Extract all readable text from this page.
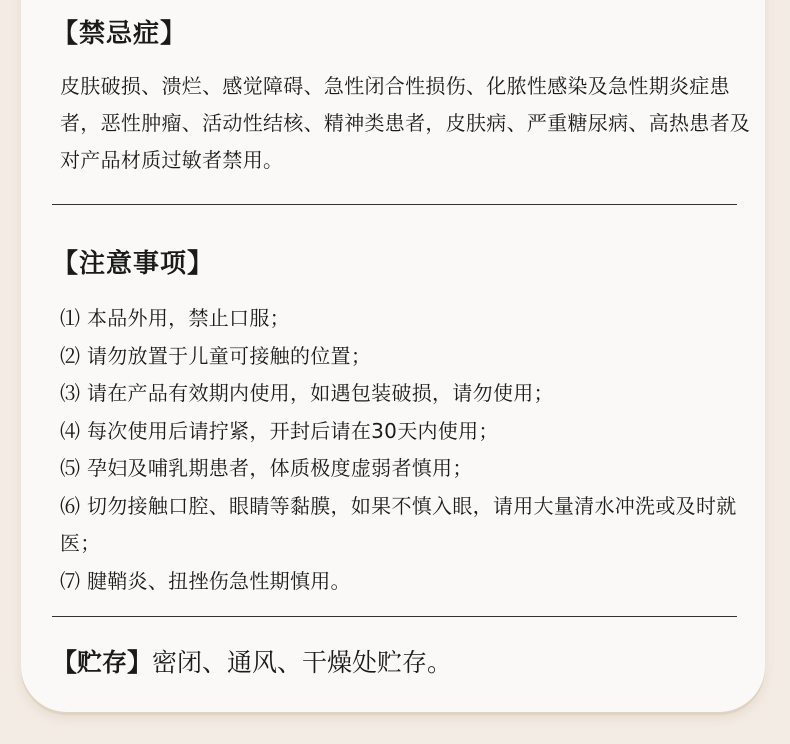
【禁忌症】

皮肤破损、溃烂、感觉障碍、急性闭合性损伤、化脓性感染及急性期炎症患者，恶性肿瘤、活动性结核、精神类患者，皮肤病、严重糖尿病、高热患者及对产品材质过敏者禁用。

【注意事项】
⑴ 本品外用，禁止口服；
⑵ 请勿放置于儿童可接触的位置；
⑶ 请在产品有效期内使用，如遇包装破损，请勿使用；
⑷ 每次使用后请拧紧，开封后请在30天内使用；
⑸ 孕妇及哺乳期患者，体质极度虚弱者慎用；
⑹ 切勿接触口腔、眼睛等黏膜，如果不慎入眼，请用大量清水冲洗或及时就医；
⑺ 腱鞘炎、扭挫伤急性期慎用。

【贮存】密闭、通风、干燥处贮存。
